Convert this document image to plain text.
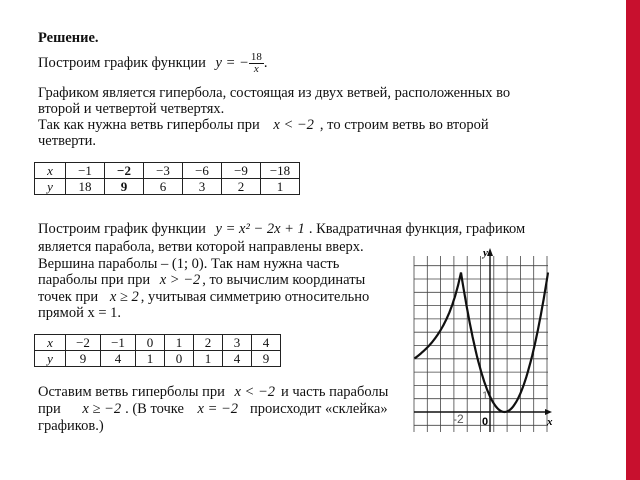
Решение.
Построим график функции y = − $\frac{18}{x}$ .
Графиком является гипербола, состоящая из двух ветвей, расположенных во
второй и четвертой четвертях.
Так как нужна ветвь гиперболы при x < −2 , то строим ветвь во второй
четверти.
x	−1	−2	−3	−6	−9	−18
y	18	9	6	3	2	1
Построим график функции y = x² − 2x + 1 . Квадратичная функция, графиком
является парабола, ветви которой направлены вверх.
Вершина параболы – (1; 0). Так нам нужна часть
параболы при при x > −2 , то вычислим координаты
точек при x ≥ 2 , учитывая симметрию относительно
прямой x = 1.
x	−2	−1	0	1	2	3	4
y	9	4	1	0	1	4	9
Оставим ветвь гиперболы при x < −2 и часть параболы
при x ≥ −2 . (В точке x = −2 происходит «склейка»
графиков.)
y
x
1
0
-2
